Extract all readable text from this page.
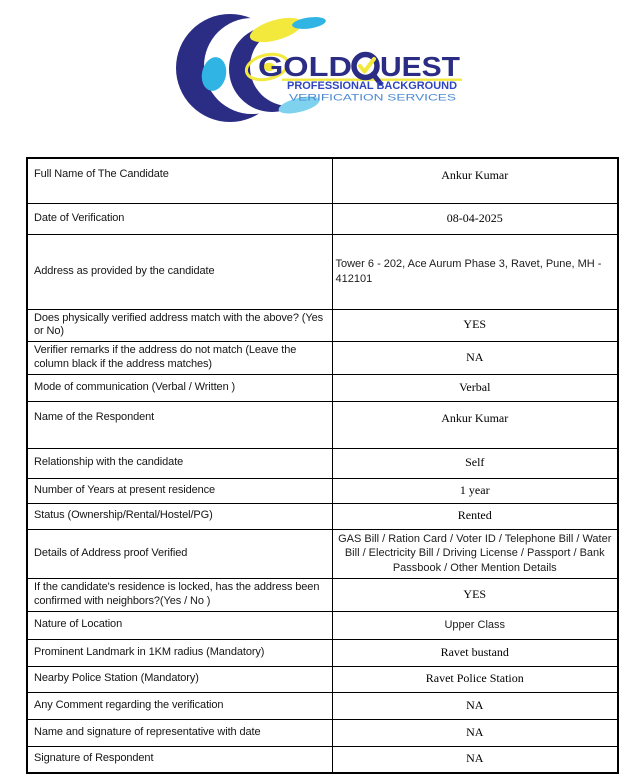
GOLD UEST
PROFESSIONAL BACKGROUND
VERIFICATION SERVICES
Full Name of The Candidate	Ankur Kumar
Date of Verification	08-04-2025
Address as provided by the candidate	Tower 6 - 202, Ace Aurum Phase 3, Ravet, Pune, MH - 412101
Does physically verified address match with the above? (Yes or No)	YES
Verifier remarks if the address do not match (Leave the column black if the address matches)	NA
Mode of communication (Verbal / Written )	Verbal
Name of the Respondent	Ankur Kumar
Relationship with the candidate	Self
Number of Years at present residence	1 year
Status (Ownership/Rental/Hostel/PG)	Rented
Details of Address proof Verified	GAS Bill / Ration Card / Voter ID / Telephone Bill / Water Bill / Electricity Bill / Driving License / Passport / Bank Passbook / Other Mention Details
If the candidate's residence is locked, has the address been confirmed with neighbors?(Yes / No )	YES
Nature of Location	Upper Class
Prominent Landmark in 1KM radius (Mandatory)	Ravet bustand
Nearby Police Station (Mandatory)	Ravet Police Station
Any Comment regarding the verification	NA
Name and signature of representative with date	NA
Signature of Respondent	NA
